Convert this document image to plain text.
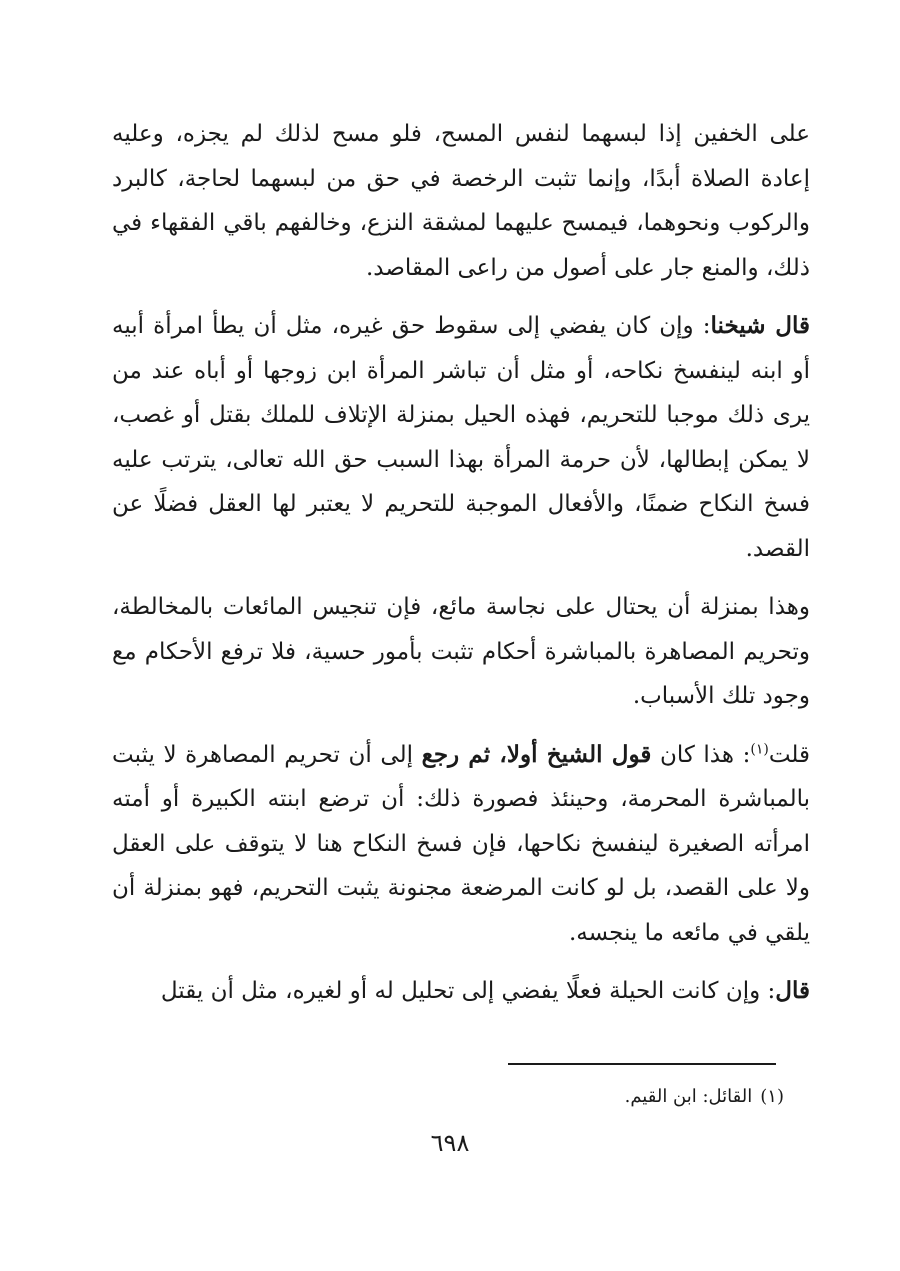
على الخفين إذا لبسهما لنفس المسح، فلو مسح لذلك لم يجزه، وعليه إعادة الصلاة أبدًا، وإنما تثبت الرخصة في حق من لبسهما لحاجة، كالبرد والركوب ونحوهما، فيمسح عليهما لمشقة النزع، وخالفهم باقي الفقهاء في ذلك، والمنع جار على أصول من راعى المقاصد.

قال شيخنا: وإن كان يفضي إلى سقوط حق غيره، مثل أن يطأ امرأة أبيه أو ابنه لينفسخ نكاحه، أو مثل أن تباشر المرأة ابن زوجها أو أباه عند من يرى ذلك موجبا للتحريم، فهذه الحيل بمنزلة الإتلاف للملك بقتل أو غصب، لا يمكن إبطالها، لأن حرمة المرأة بهذا السبب حق الله تعالى، يترتب عليه فسخ النكاح ضمنًا، والأفعال الموجبة للتحريم لا يعتبر لها العقل فضلًا عن القصد.

وهذا بمنزلة أن يحتال على نجاسة مائع، فإن تنجيس المائعات بالمخالطة، وتحريم المصاهرة بالمباشرة أحكام تثبت بأمور حسية، فلا ترفع الأحكام مع وجود تلك الأسباب.

قلت$^{(١)}$: هذا كان قول الشيخ أولا، ثم رجع إلى أن تحريم المصاهرة لا يثبت بالمباشرة المحرمة، وحينئذ فصورة ذلك: أن ترضع ابنته الكبيرة أو أمته امرأته الصغيرة لينفسخ نكاحها، فإن فسخ النكاح هنا لا يتوقف على العقل ولا على القصد، بل لو كانت المرضعة مجنونة يثبت التحريم، فهو بمنزلة أن يلقي في مائعه ما ينجسه.

قال: وإن كانت الحيلة فعلًا يفضي إلى تحليل له أو لغيره، مثل أن يقتل

(١)القائل: ابن القيم.
٦٩٨
